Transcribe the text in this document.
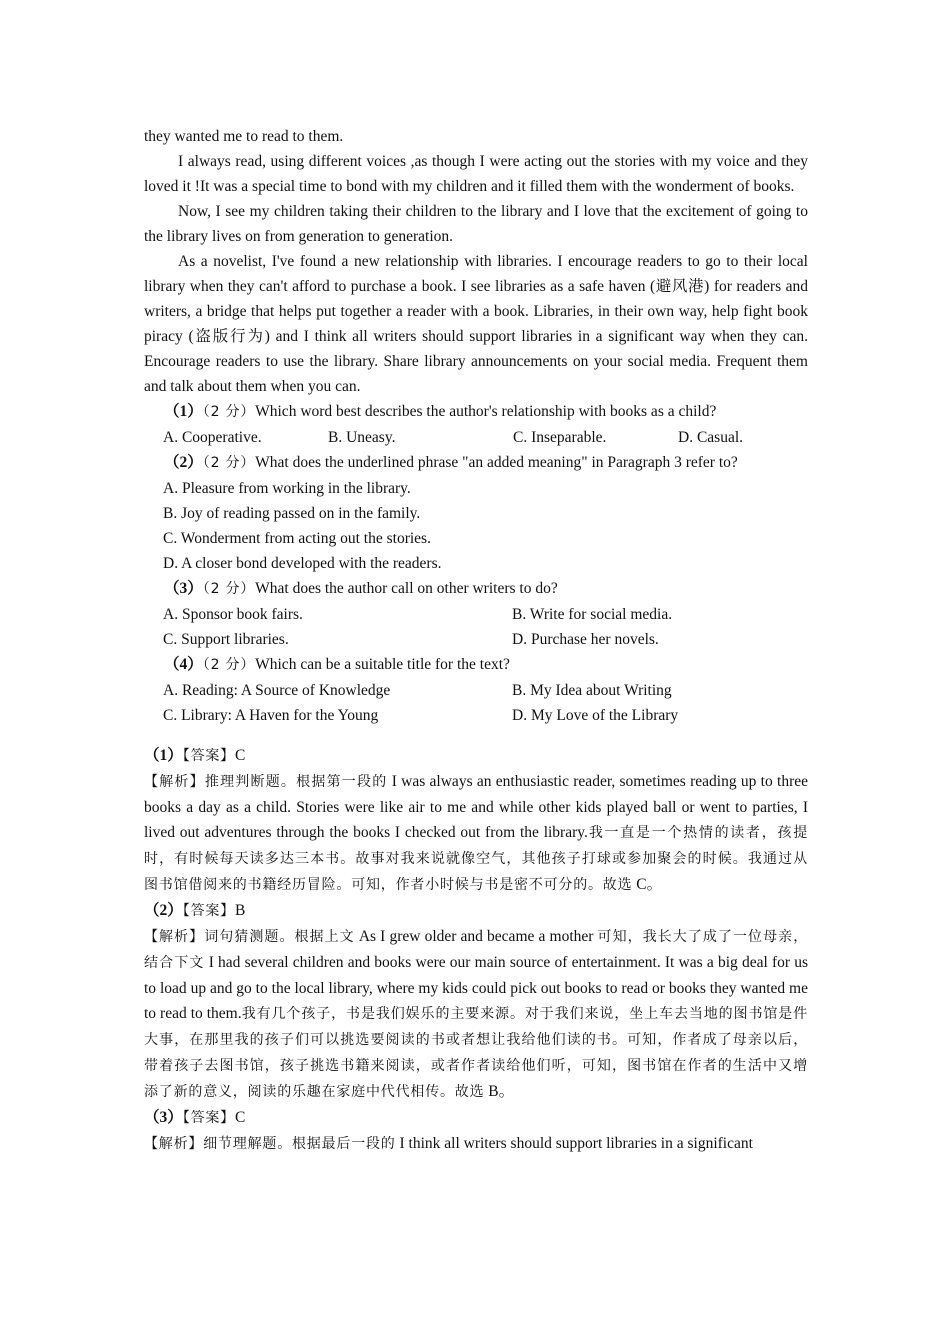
they wanted me to read to them.

I always read, using different voices ,as though I were acting out the stories with my voice and they loved it !It was a special time to bond with my children and it filled them with the wonderment of books.

Now, I see my children taking their children to the library and I love that the excitement of going to the library lives on from generation to generation.

As a novelist, I've found a new relationship with libraries. I encourage readers to go to their local library when they can't afford to purchase a book. I see libraries as a safe haven (避风港) for readers and writers, a bridge that helps put together a reader with a book. Libraries, in their own way, help fight book piracy (盗版行为) and I think all writers should support libraries in a significant way when they can. Encourage readers to use the library. Share library announcements on your social media. Frequent them and talk about them when you can.

（1）（2 分）Which word best describes the author's relationship with books as a child?
A. Cooperative.	B. Uneasy.	C. Inseparable.	D. Casual.
（2）（2 分）What does the underlined phrase "an added meaning" in Paragraph 3 refer to?
A. Pleasure from working in the library.
B. Joy of reading passed on in the family.
C. Wonderment from acting out the stories.
D. A closer bond developed with the readers.
（3）（2 分）What does the author call on other writers to do?
A. Sponsor book fairs.	B. Write for social media.
C. Support libraries.	D. Purchase her novels.
（4）（2 分）Which can be a suitable title for the text?
A. Reading: A Source of Knowledge	B. My Idea about Writing
C. Library: A Haven for the Young	D. My Love of the Library
（1）【答案】C

【解析】推理判断题。根据第一段的 I was always an enthusiastic reader, sometimes reading up to three books a day as a child. Stories were like air to me and while other kids played ball or went to parties, I lived out adventures through the books I checked out from the library.我一直是一个热情的读者，孩提时，有时候每天读多达三本书。故事对我来说就像空气，其他孩子打球或参加聚会的时候。我通过从图书馆借阅来的书籍经历冒险。可知，作者小时候与书是密不可分的。故选 C。

（2）【答案】B

【解析】词句猜测题。根据上文 As I grew older and became a mother 可知，我长大了成了一位母亲，结合下文 I had several children and books were our main source of entertainment. It was a big deal for us to load up and go to the local library, where my kids could pick out books to read or books they wanted me to read to them.我有几个孩子，书是我们娱乐的主要来源。对于我们来说，坐上车去当地的图书馆是件大事，在那里我的孩子们可以挑选要阅读的书或者想让我给他们读的书。可知，作者成了母亲以后，带着孩子去图书馆，孩子挑选书籍来阅读，或者作者读给他们听，可知，图书馆在作者的生活中又增添了新的意义，阅读的乐趣在家庭中代代相传。故选 B。

（3）【答案】C

【解析】细节理解题。根据最后一段的 I think all writers should support libraries in a significant
